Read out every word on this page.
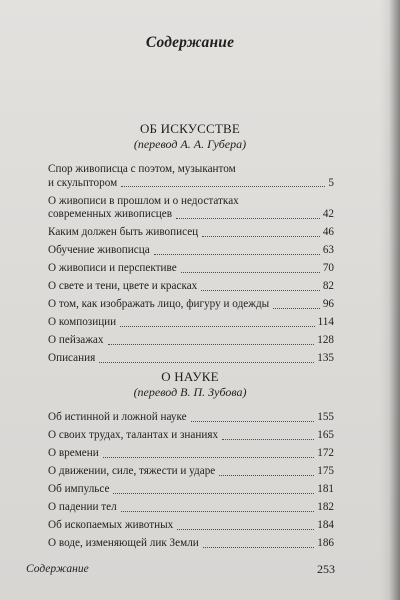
Содержание
ОБ ИСКУССТВЕ
(перевод А. А. Губера)
Спор живописца с поэтом, музыкантом
и скульптором	5
О живописи в прошлом и о недостатках
современных живописцев	42
Каким должен быть живописец	46
Обучение живописца	63
О живописи и перспективе	70
О свете и тени, цвете и красках	82
О том, как изображать лицо, фигуру и одежды	96
О композиции	114
О пейзажах	128
Описания	135
О НАУКЕ
(перевод В. П. Зубова)
Об истинной и ложной науке	155
О своих трудах, талантах и знаниях	165
О времени	172
О движении, силе, тяжести и ударе	175
Об импульсе	181
О падении тел	182
Об ископаемых животных	184
О воде, изменяющей лик Земли	186
Содержание	253
